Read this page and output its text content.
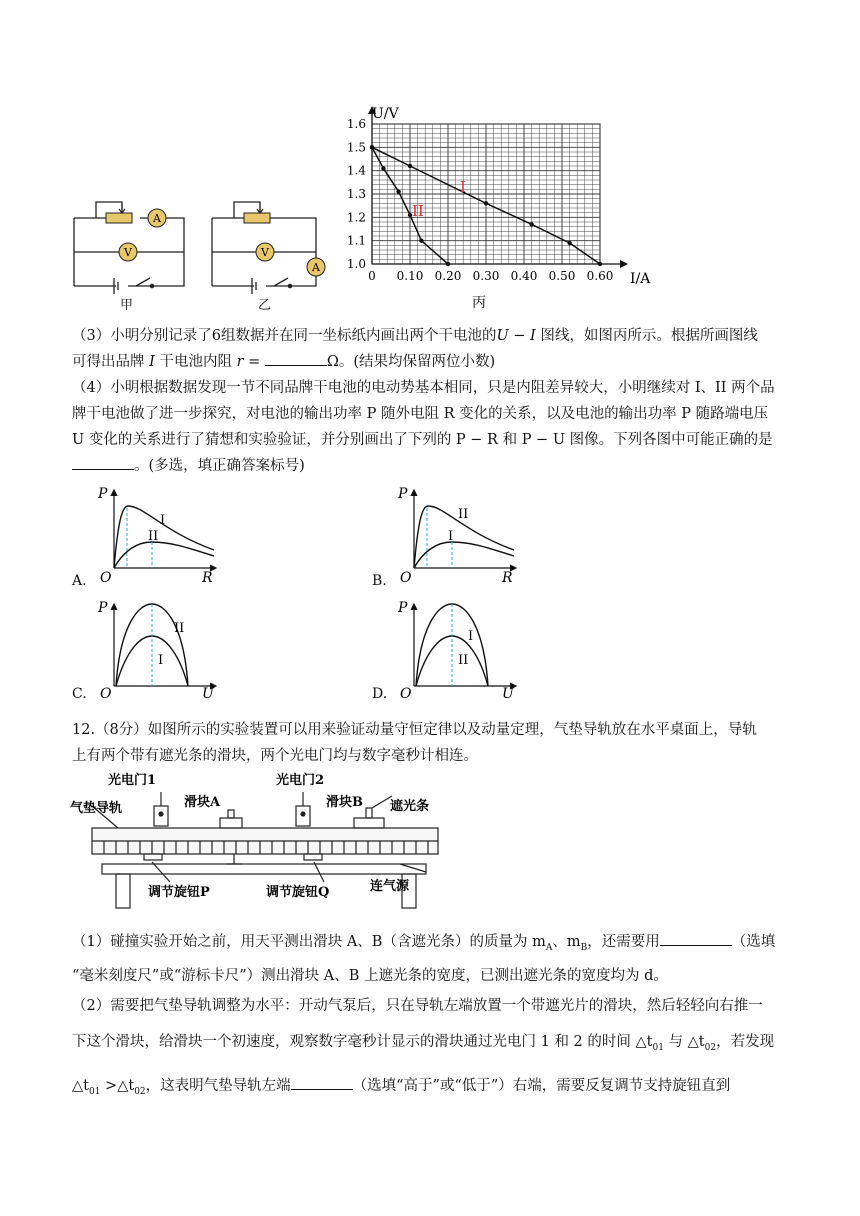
A
V
甲
V
A
乙
1.6
1.5
1.4
1.3
1.2
1.1
1.0
0 0.10 0.20 0.30 0.40 0.50 0.60
U/V
I/A
I
II
丙
（3）小明分别记录了6组数据并在同一坐标纸内画出两个干电池的U − I 图线，如图丙所示。根据所画图线
可得出品牌 I 干电池内阻 r =	Ω。(结果均保留两位小数)
（4）小明根据数据发现一节不同品牌干电池的电动势基本相同，只是内阻差异较大，小明继续对 I、II 两个品
牌干电池做了进一步探究，对电池的输出功率 P 随外电阻 R 变化的关系，以及电池的输出功率 P 随路端电压
U 变化的关系进行了猜想和实验验证，并分别画出了下列的 P − R 和 P − U 图像。下列各图中可能正确的是
。(多选，填正确答案标号)
A.	B.
C.	D.
P
O	R
I
II
P
O	R
II
I
P
O	U
II
I
P
O	U
I
II
12.（8分）如图所示的实验装置可以用来验证动量守恒定律以及动量定理，气垫导轨放在水平桌面上，导轨
上有两个带有遮光条的滑块，两个光电门均与数字毫秒计相连。
光电门1	光电门2
滑块A	滑块B
气垫导轨	遮光条
连气源
调节旋钮P	调节旋钮Q
（1）碰撞实验开始之前，用天平测出滑块 A、B（含遮光条）的质量为 $m_A$、$m_B$，还需要用	（选填
“毫米刻度尺”或“游标卡尺”）测出滑块 A、B 上遮光条的宽度，已测出遮光条的宽度均为 d。
（2）需要把气垫导轨调整为水平：开动气泵后，只在导轨左端放置一个带遮光片的滑块，然后轻轻向右推一
下这个滑块，给滑块一个初速度，观察数字毫秒计显示的滑块通过光电门 1 和 2 的时间 $\triangle t_{01}$ 与 $\triangle t_{02}$，若发现
$\triangle t_{01}$ $>\triangle t_{02}$，这表明气垫导轨左端	（选填“高于”或“低于”）右端，需要反复调节支持旋钮直到
